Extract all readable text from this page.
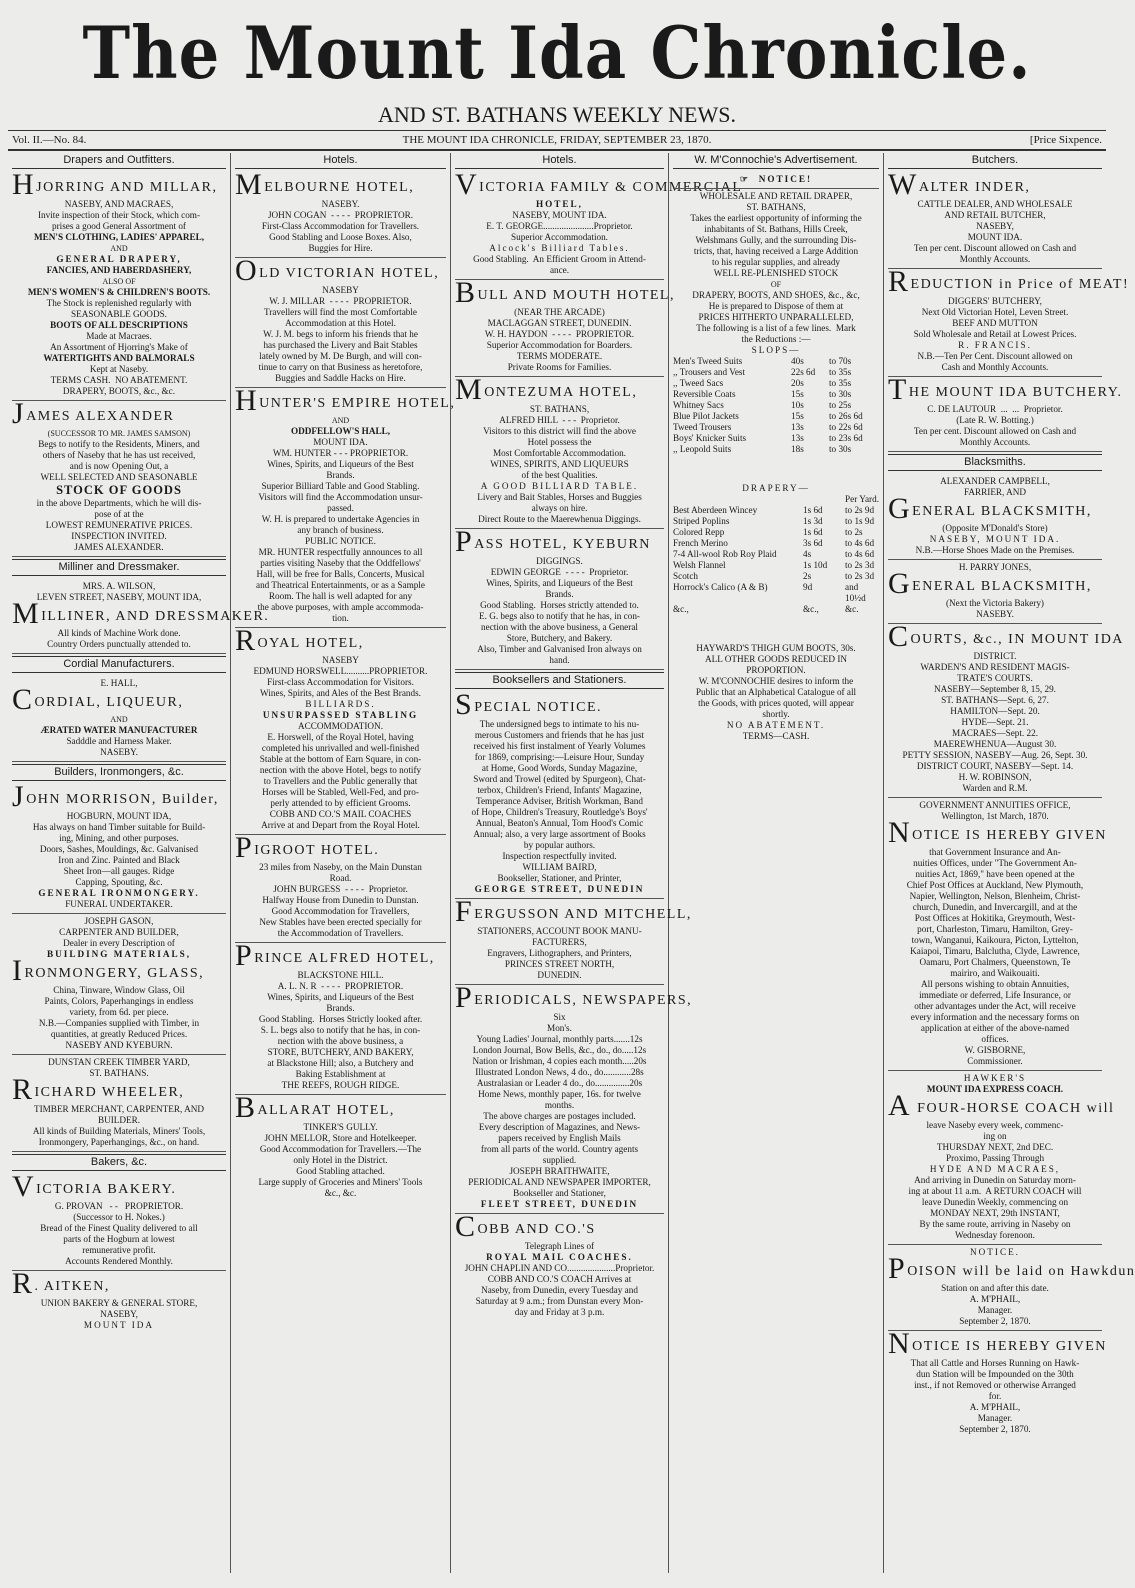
The Mount Ida Chronicle.
AND ST. BATHANS WEEKLY NEWS.
Vol. II.—No. 84.	THE MOUNT IDA CHRONICLE, FRIDAY, SEPTEMBER 23, 1870.	[Price Sixpence.
Drapers and Outfitters.
HJORRING AND MILLAR,
NASEBY, AND MACRAES,
Invite inspection of their Stock, which com-
prises a good General Assortment of
MEN'S CLOTHING, LADIES' APPAREL,
AND
GENERAL DRAPERY,
FANCIES, AND HABERDASHERY,
ALSO OF
MEN'S WOMEN'S & CHILDREN'S BOOTS.
The Stock is replenished regularly with
SEASONABLE GOODS.
BOOTS OF ALL DESCRIPTIONS
Made at Macraes.
An Assortment of Hjorring's Make of
WATERTIGHTS AND BALMORALS
Kept at Naseby.
TERMS CASH.  NO ABATEMENT.
DRAPERY, BOOTS, &c., &c.
JAMES ALEXANDER
(SUCCESSOR TO MR. JAMES SAMSON)
Begs to notify to the Residents, Miners, and
others of Naseby that he has ust received,
and is now Opening Out, a
WELL SELECTED AND SEASONABLE
STOCK OF GOODS
in the above Departments, which he will dis-
pose of at the
LOWEST REMUNERATIVE PRICES.
INSPECTION INVITED.
JAMES ALEXANDER.
Milliner and Dressmaker.
MRS. A. WILSON,
LEVEN STREET, NASEBY, MOUNT IDA,
MILLINER, AND DRESSMAKER.
All kinds of Machine Work done.
Country Orders punctually attended to.
Cordial Manufacturers.
E. HALL,
CORDIAL, LIQUEUR,
AND
ÆRATED WATER MANUFACTURER
Sadddle and Harness Maker.
NASEBY.
Builders, Ironmongers, &c.
JOHN MORRISON, Builder,
HOGBURN, MOUNT IDA,
Has always on hand Timber suitable for Build-
ing, Mining, and other purposes.
Doors, Sashes, Mouldings, &c. Galvanised
Iron and Zinc. Painted and Black
Sheet Iron—all gauges. Ridge
Capping, Spouting, &c.
GENERAL IRONMONGERY.
FUNERAL UNDERTAKER.
JOSEPH GASON,
CARPENTER AND BUILDER,
Dealer in every Description of
BUILDING MATERIALS,
IRONMONGERY, GLASS,
China, Tinware, Window Glass, Oil
Paints, Colors, Paperhangings in endless
variety, from 6d. per piece.
N.B.—Companies supplied with Timber, in
quantities, at greatly Reduced Prices.
NASEBY AND KYEBURN.
DUNSTAN CREEK TIMBER YARD,
ST. BATHANS.
RICHARD WHEELER,
TIMBER MERCHANT, CARPENTER, AND BUILDER.
All kinds of Building Materials, Miners' Tools,
Ironmongery, Paperhangings, &c., on hand.
Bakers, &c.
VICTORIA BAKERY.
G. PROVAN   - -   PROPRIETOR.
(Successor to H. Nokes.)
Bread of the Finest Quality delivered to all
parts of the Hogburn at lowest
remunerative profit.
Accounts Rendered Monthly.
R. AITKEN,
UNION BAKERY & GENERAL STORE,
NASEBY,
MOUNT IDA
Hotels.
MELBOURNE HOTEL,
NASEBY.
JOHN COGAN  - - - -  PROPRIETOR.
First-Class Accommodation for Travellers.
Good Stabling and Loose Boxes. Also,
Buggies for Hire.
OLD VICTORIAN HOTEL,
NASEBY
W. J. MILLAR  - - - -  PROPRIETOR.
Travellers will find the most Comfortable
Accommodation at this Hotel.
W. J. M. begs to inform his friends that he
has purchased the Livery and Bait Stables
lately owned by M. De Burgh, and will con-
tinue to carry on that Business as heretofore,
Buggies and Saddle Hacks on Hire.
HUNTER'S EMPIRE HOTEL,
AND
ODDFELLOW'S HALL,
MOUNT IDA.
WM. HUNTER - - - PROPRIETOR.
Wines, Spirits, and Liqueurs of the Best
Brands.
Superior Billiard Table and Good Stabling.
Visitors will find the Accommodation unsur-
passed.
W. H. is prepared to undertake Agencies in
any branch of business.
PUBLIC NOTICE.
MR. HUNTER respectfully announces to all
parties visiting Naseby that the Oddfellows'
Hall, will be free for Balls, Concerts, Musical
and Theatrical Entertainments, or as a Sample
Room. The hall is well adapted for any
the above purposes, with ample accommoda-
tion.
ROYAL HOTEL,
NASEBY
EDMUND HORSWELL..........PROPRIETOR.
First-class Accommodation for Visitors.
Wines, Spirits, and Ales of the Best Brands.
BILLIARDS.
UNSURPASSED STABLING
ACCOMMODATION.
E. Horswell, of the Royal Hotel, having
completed his unrivalled and well-finished
Stable at the bottom of Earn Square, in con-
nection with the above Hotel, begs to notify
to Travellers and the Public generally that
Horses will be Stabled, Well-Fed, and pro-
perly attended to by efficient Grooms.
COBB AND CO.'S MAIL COACHES
Arrive at and Depart from the Royal Hotel.
PIGROOT HOTEL.
23 miles from Naseby, on the Main Dunstan
Road.
JOHN BURGESS  - - - -  Proprietor.
Halfway House from Dunedin to Dunstan.
Good Accommodation for Travellers,
New Stables have been erected specially for
the Accommodation of Travellers.
PRINCE ALFRED HOTEL,
BLACKSTONE HILL.
A. L. N. R  - - - -  PROPRIETOR.
Wines, Spirits, and Liqueurs of the Best
Brands.
Good Stabling.  Horses Strictly looked after.
S. L. begs also to notify that he has, in con-
nection with the above business, a
STORE, BUTCHERY, AND BAKERY,
at Blackstone Hill; also, a Butchery and
Baking Establishment at
THE REEFS, ROUGH RIDGE.
BALLARAT HOTEL,
TINKER'S GULLY.
JOHN MELLOR, Store and Hotelkeeper.
Good Accommodation for Travellers.—The
only Hotel in the District.
Good Stabling attached.
Large supply of Groceries and Miners' Tools
&c., &c.
Hotels.
VICTORIA FAMILY & COMMERCIAL
HOTEL,
NASEBY, MOUNT IDA.
E. T. GEORGE......................Proprietor.
Superior Accommodation.
Alcock's Billiard Tables.
Good Stabling.  An Efficient Groom in Attend-
ance.
BULL AND MOUTH HOTEL,
(NEAR THE ARCADE)
MACLAGGAN STREET, DUNEDIN.
W. H. HAYDON  - - - -  PROPRIETOR.
Superior Accommodation for Boarders.
TERMS MODERATE.
Private Rooms for Families.
MONTEZUMA HOTEL,
ST. BATHANS,
ALFRED HILL  - - -  Proprietor.
Visitors to this district will find the above
Hotel possess the
Most Comfortable Accommodation.
WINES, SPIRITS, AND LIQUEURS
of the best Qualities.
A GOOD BILLIARD TABLE.
Livery and Bait Stables, Horses and Buggies
always on hire.
Direct Route to the Maerewhenua Diggings.
PASS HOTEL, KYEBURN
DIGGINGS.
EDWIN GEORGE  - - - -  Proprietor.
Wines, Spirits, and Liqueurs of the Best
Brands.
Good Stabling.  Horses strictly attended to.
E. G. begs also to notify that he has, in con-
nection with the above business, a General
Store, Butchery, and Bakery.
Also, Timber and Galvanised Iron always on
hand.
Booksellers and Stationers.
SPECIAL NOTICE.
The undersigned begs to intimate to his nu-
merous Customers and friends that he has just
received his first instalment of Yearly Volumes
for 1869, comprising:—Leisure Hour, Sunday
at Home, Good Words, Sunday Magazine,
Sword and Trowel (edited by Spurgeon), Chat-
terbox, Children's Friend, Infants' Magazine,
Temperance Adviser, British Workman, Band
of Hope, Children's Treasury, Routledge's Boys'
Annual, Beaton's Annual, Tom Hood's Comic
Annual; also, a very large assortment of Books
by popular authors.
Inspection respectfully invited.
WILLIAM BAIRD,
Bookseller, Stationer, and Printer,
GEORGE STREET, DUNEDIN
FERGUSSON AND MITCHELL,
STATIONERS, ACCOUNT BOOK MANU-
FACTURERS,
Engravers, Lithographers, and Printers,
PRINCES STREET NORTH,
DUNEDIN.
PERIODICALS, NEWSPAPERS,
Six
Mon's.
Young Ladies' Journal, monthly parts.......12s
London Journal, Bow Bells, &c., do., do.....12s
Nation or Irishman, 4 copies each month.....20s
Illustrated London News, 4 do., do............28s
Australasian or Leader 4 do., do...............20s
Home News, monthly paper, 16s. for twelve
months.
The above charges are postages included.
Every description of Magazines, and News-
papers received by English Mails
from all parts of the world. Country agents
supplied.
JOSEPH BRAITHWAITE,
PERIODICAL AND NEWSPAPER IMPORTER,
Bookseller and Stationer,
FLEET STREET, DUNEDIN
COBB AND CO.'S
Telegraph Lines of
ROYAL MAIL COACHES.
JOHN CHAPLIN AND CO.....................Proprietor.
COBB AND CO.'S COACH Arrives at
Naseby, from Dunedin, every Tuesday and
Saturday at 9 a.m.; from Dunstan every Mon-
day and Friday at 3 p.m.
W. M'Connochie's Advertisement.
☞  NOTICE!
WHOLESALE AND RETAIL DRAPER,
ST. BATHANS,
Takes the earliest opportunity of informing the
inhabitants of St. Bathans, Hills Creek,
Welshmans Gully, and the surrounding Dis-
tricts, that, having received a Large Addition
to his regular supplies, and already
WELL RE-PLENISHED STOCK
OF
DRAPERY, BOOTS, AND SHOES, &c., &c,
He is prepared to Dispose of them at
PRICES HITHERTO UNPARALLELED,
The following is a list of a few lines.  Mark
the Reductions :—
SLOPS—
Men's Tweed Suits	40s	to 70s
,, Trousers and Vest	22s 6d	to 35s
,, Tweed Sacs	20s	to 35s
Reversible Coats	15s	to 30s
Whitney Sacs	10s	to 25s
Blue Pilot Jackets	15s	to 26s 6d
Tweed Trousers	13s	to 22s 6d
Boys' Knicker Suits	13s	to 23s 6d
,, Leopold Suits	18s	to 30s
DRAPERY—
Per Yard.
Best Aberdeen Wincey	1s 6d	to 2s 9d
Striped Poplins	1s 3d	to 1s 9d
Colored Repp	1s 6d	to 2s
French Merino	3s 6d	to 4s 6d
7-4 All-wool Rob Roy Plaid	4s	to 4s 6d
Welsh Flannel	1s 10d	to 2s 3d
Scotch	2s	to 2s 3d
Horrock's Calico (A & B)	9d	and 10½d
&c.,	&c.,	&c.
HAYWARD'S THIGH GUM BOOTS, 30s.
ALL OTHER GOODS REDUCED IN
PROPORTION.
W. M'CONNOCHIE desires to inform the
Public that an Alphabetical Catalogue of all
the Goods, with prices quoted, will appear
shortly.
NO ABATEMENT.
TERMS—CASH.
Butchers.
WALTER INDER,
CATTLE DEALER, AND WHOLESALE
AND RETAIL BUTCHER,
NASEBY,
MOUNT IDA.
Ten per cent. Discount allowed on Cash and
Monthly Accounts.
REDUCTION in Price of MEAT!
DIGGERS' BUTCHERY,
Next Old Victorian Hotel, Leven Street.
BEEF AND MUTTON
Sold Wholesale and Retail at Lowest Prices.
R. FRANCIS.
N.B.—Ten Per Cent. Discount allowed on
Cash and Monthly Accounts.
THE MOUNT IDA BUTCHERY.
C. DE LAUTOUR  ...  ...  Proprietor.
(Late R. W. Botting.)
Ten per cent. Discount allowed on Cash and
Monthly Accounts.
Blacksmiths.
ALEXANDER CAMPBELL,
FARRIER, AND
GENERAL BLACKSMITH,
(Opposite M'Donald's Store)
NASEBY, MOUNT IDA.
N.B.—Horse Shoes Made on the Premises.
H. PARRY JONES,
GENERAL BLACKSMITH,
(Next the Victoria Bakery)
NASEBY.
COURTS, &c., IN MOUNT IDA
DISTRICT.
WARDEN'S AND RESIDENT MAGIS-
TRATE'S COURTS.
NASEBY—September 8, 15, 29.
ST. BATHANS—Sept. 6, 27.
HAMILTON—Sept. 20.
HYDE—Sept. 21.
MACRAES—Sept. 22.
MAEREWHENUA—August 30.
PETTY SESSION, NASEBY—Aug. 26, Sept. 30.
DISTRICT COURT, NASEBY—Sept. 14.
H. W. ROBINSON,
Warden and R.M.
GOVERNMENT ANNUITIES OFFICE,
Wellington, 1st March, 1870.
NOTICE IS HEREBY GIVEN
that Government Insurance and An-
nuities Offices, under "The Government An-
nuities Act, 1869," have been opened at the
Chief Post Offices at Auckland, New Plymouth,
Napier, Wellington, Nelson, Blenheim, Christ-
church, Dunedin, and Invercargill, and at the
Post Offices at Hokitika, Greymouth, West-
port, Charleston, Timaru, Hamilton, Grey-
town, Wanganui, Kaikoura, Picton, Lyttelton,
Kaiapoi, Timaru, Balclutha, Clyde, Lawrence,
Oamaru, Port Chalmers, Queenstown, Te
mairiro, and Waikouaiti.
All persons wishing to obtain Annuities,
immediate or deferred, Life Insurance, or
other advantages under the Act, will receive
every information and the necessary forms on
application at either of the above-named
offices.
W. GISBORNE,
Commissioner.
HAWKER'S
MOUNT IDA EXPRESS COACH.
A FOUR-HORSE COACH will
leave Naseby every week, commenc-
ing on
THURSDAY NEXT, 2nd DEC.
Proximo, Passing Through
HYDE AND MACRAES,
And arriving in Dunedin on Saturday morn-
ing at about 11 a.m.  A RETURN COACH will
leave Dunedin Weekly, commencing on
MONDAY NEXT, 29th INSTANT,
By the same route, arriving in Naseby on
Wednesday forenoon.
NOTICE.
POISON will be laid on Hawkdun
Station on and after this date.
A. M'PHAIL,
Manager.
September 2, 1870.
NOTICE IS HEREBY GIVEN
That all Cattle and Horses Running on Hawk-
dun Station will be Impounded on the 30th
inst., if not Removed or otherwise Arranged
for.
A. M'PHAIL,
Manager.
September 2, 1870.
